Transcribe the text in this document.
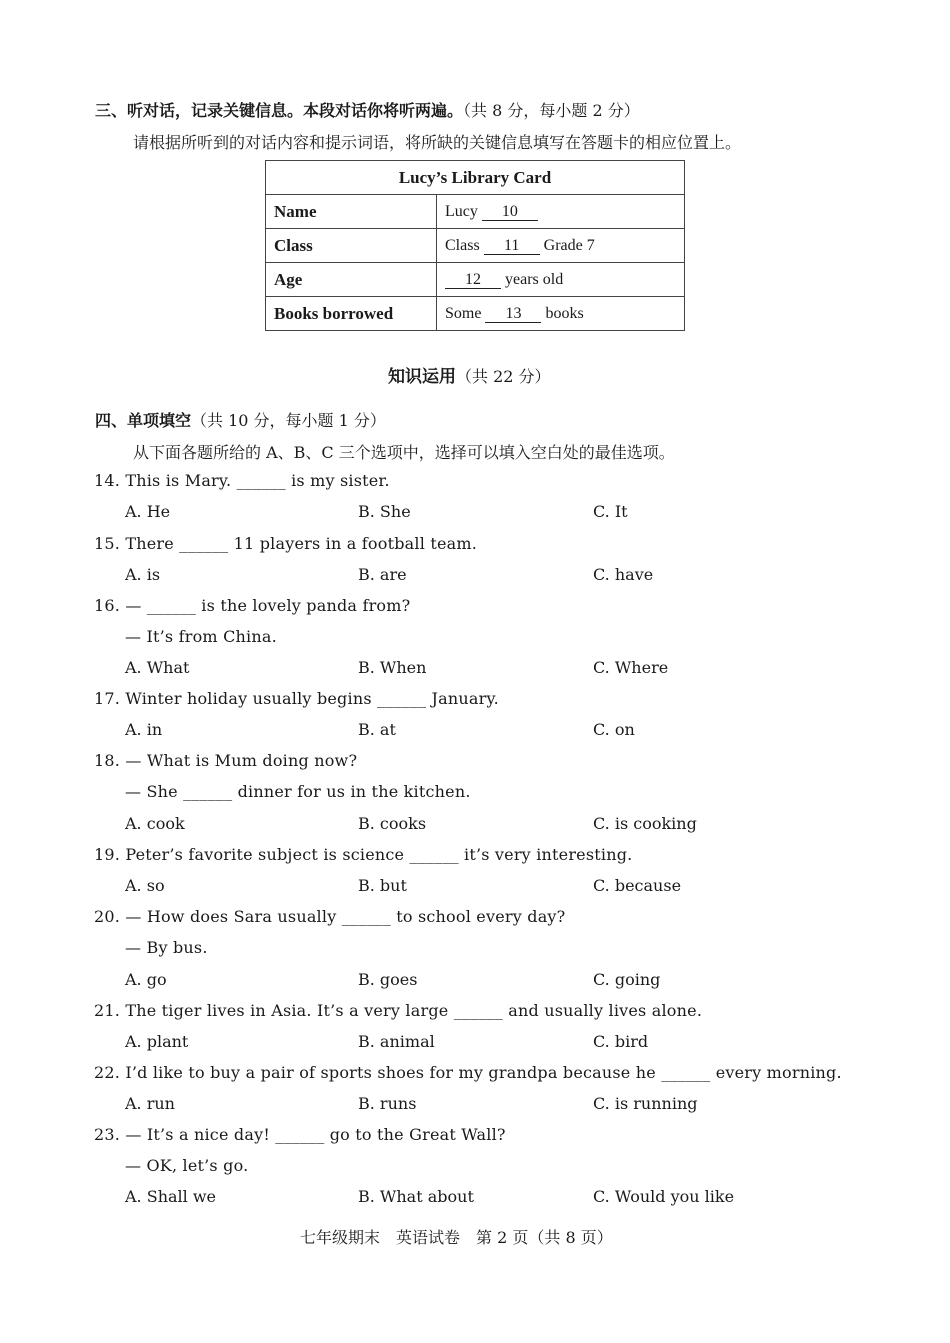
三、听对话，记录关键信息。本段对话你将听两遍。（共 8 分，每小题 2 分）
请根据所听到的对话内容和提示词语，将所缺的关键信息填写在答题卡的相应位置上。
Lucy’s Library Card	
Name	Lucy 10
Class	Class 11 Grade 7
Age	12 years old
Books borrowed	Some 13 books
知识运用（共 22 分）
四、单项填空（共 10 分，每小题 1 分）
从下面各题所给的 A、B、C 三个选项中，选择可以填入空白处的最佳选项。
14. This is Mary. ______ is my sister.
A. He	B. She	C. It
15. There ______ 11 players in a football team.
A. is	B. are	C. have
16. — ______ is the lovely panda from?
— It’s from China.
A. What	B. When	C. Where
17. Winter holiday usually begins ______ January.
A. in	B. at	C. on
18. — What is Mum doing now?
— She ______ dinner for us in the kitchen.
A. cook	B. cooks	C. is cooking
19. Peter’s favorite subject is science ______ it’s very interesting.
A. so	B. but	C. because
20. — How does Sara usually ______ to school every day?
— By bus.
A. go	B. goes	C. going
21. The tiger lives in Asia. It’s a very large ______ and usually lives alone.
A. plant	B. animal	C. bird
22. I’d like to buy a pair of sports shoes for my grandpa because he ______ every morning.
A. run	B. runs	C. is running
23. — It’s a nice day! ______ go to the Great Wall?
— OK, let’s go.
A. Shall we	B. What about	C. Would you like
七年级期末　英语试卷　第 2 页（共 8 页）
